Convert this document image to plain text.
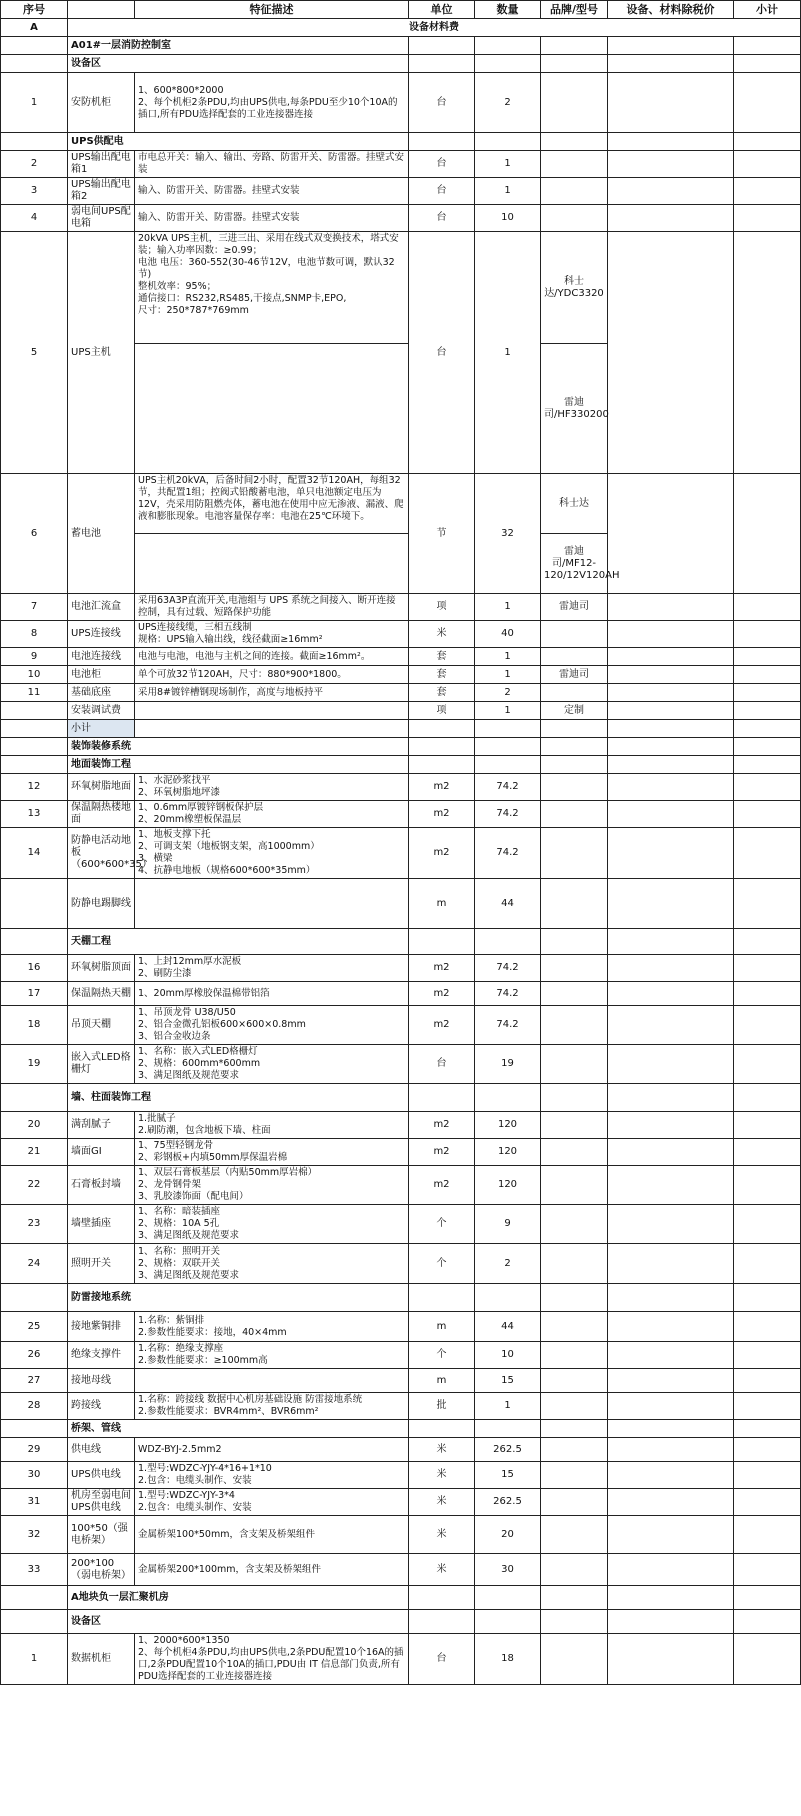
序号		特征描述	单位	数量	品牌/型号	设备、材料除税价	小计
A	设备材料费						
	A01#一层消防控制室						
	设备区						
1	安防机柜	1、600*800*2000
2、每个机柜2条PDU,均由UPS供电,每条PDU至少10个10A的插口,所有PDU选择配套的工业连接器连接	台	2			
	UPS供配电						
2	UPS输出配电箱1	市电总开关：输入、输出、旁路、防雷开关、防雷器。挂壁式安装	台	1			
3	UPS输出配电箱2	输入、防雷开关、防雷器。挂壁式安装	台	1			
4	弱电间UPS配电箱	输入、防雷开关、防雷器。挂壁式安装	台	10			
5	UPS主机	20kVA UPS主机，三进三出、采用在线式双变换技术，塔式安装；输入功率因数：≥0.99；
电池 电压：360-552(30-46节12V，电池节数可调，默认32节)
整机效率：95%；
通信接口：RS232,RS485,干接点,SNMP卡,EPO,
尺寸：250*787*769mm	台	1	科士达/YDC3320		
					雷迪司/HF330200		
6	蓄电池	UPS主机20kVA，后备时间2小时，配置32节120AH，每组32节，共配置1组；控阀式铅酸蓄电池，单只电池额定电压为12V，壳采用防阻燃壳体，蓄电池在使用中应无渗液、漏液、爬液和膨胀现象。电池容量保存率：电池在25℃环境下。	节	32	科士达		
					雷迪司/MF12-120/12V120AH		
7	电池汇流盒	采用63A3P直流开关,电池组与 UPS 系统之间接入、断开连接控制，具有过载、短路保护功能	项	1	雷迪司		
8	UPS连接线	UPS连接线缆，三相五线制
规格：UPS输入输出线，线径截面≥16mm²	米	40			
9	电池连接线	电池与电池，电池与主机之间的连接。截面≥16mm²。	套	1			
10	电池柜	单个可放32节120AH，尺寸：880*900*1800。	套	1	雷迪司		
11	基础底座	采用8#镀锌槽钢现场制作，高度与地板持平	套	2			
	安装调试费		项	1	定制		
	小计						
	装饰装修系统						
	地面装饰工程						
12	环氧树脂地面	1、水泥砂浆找平
2、环氧树脂地坪漆	m2	74.2			
13	保温隔热楼地面	1、0.6mm厚镀锌钢板保护层
2、20mm橡塑板保温层	m2	74.2			
14	防静电活动地板（600*600*35）	1、地板支撑下托
2、可调支架（地板钢支架，高1000mm）
3、横梁
4、抗静电地板（规格600*600*35mm）	m2	74.2			
	防静电踢脚线		m	44			
	天棚工程						
16	环氧树脂顶面	1、上封12mm厚水泥板
2、刷防尘漆	m2	74.2			
17	保温隔热天棚	1、20mm厚橡胶保温棉带铝箔	m2	74.2			
18	吊顶天棚	1、吊顶龙骨 U38/U50
2、铝合金微孔铝板600×600×0.8mm
3、铝合金收边条	m2	74.2			
19	嵌入式LED格栅灯	1、名称：嵌入式LED格栅灯
2、规格：600mm*600mm
3、满足图纸及规范要求	台	19			
	墙、柱面装饰工程						
20	满刮腻子	1.批腻子
2.刷防潮，包含地板下墙、柱面	m2	120			
21	墙面GI	1、75型轻钢龙骨
2、彩钢板+内填50mm厚保温岩棉	m2	120			
22	石膏板封墙	1、双层石膏板基层（内贴50mm厚岩棉）
2、龙骨钢骨架
3、乳胶漆饰面（配电间）	m2	120			
23	墙壁插座	1、名称：暗装插座
2、规格：10A 5孔
3、满足图纸及规范要求	个	9			
24	照明开关	1、名称：照明开关
2、规格：双联开关
3、满足图纸及规范要求	个	2			
	防雷接地系统						
25	接地紫铜排	1.名称：紫铜排
2.参数性能要求：接地，40×4mm	m	44			
26	绝缘支撑件	1.名称：绝缘支撑座
2.参数性能要求：≥100mm高	个	10			
27	接地母线		m	15			
28	跨接线	1.名称：跨接线 数据中心机房基础设施 防雷接地系统
2.参数性能要求：BVR4mm²、BVR6mm²	批	1			
	桥架、管线						
29	供电线	WDZ-BYJ-2.5mm2	米	262.5			
30	UPS供电线	1.型号:WDZC-YJY-4*16+1*10
2.包含：电缆头制作、安装	米	15			
31	机房至弱电间UPS供电线	1.型号:WDZC-YJY-3*4
2.包含：电缆头制作、安装	米	262.5			
32	100*50（强电桥架）	金属桥架100*50mm，含支架及桥架组件	米	20			
33	200*100（弱电桥架）	金属桥架200*100mm，含支架及桥架组件	米	30			
	A地块负一层汇聚机房						
	设备区						
1	数据机柜	1、2000*600*1350
2、每个机柜4条PDU,均由UPS供电,2条PDU配置10个16A的插口,2条PDU配置10个10A的插口,PDU由 IT 信息部门负责,所有PDU选择配套的工业连接器连接	台	18			
